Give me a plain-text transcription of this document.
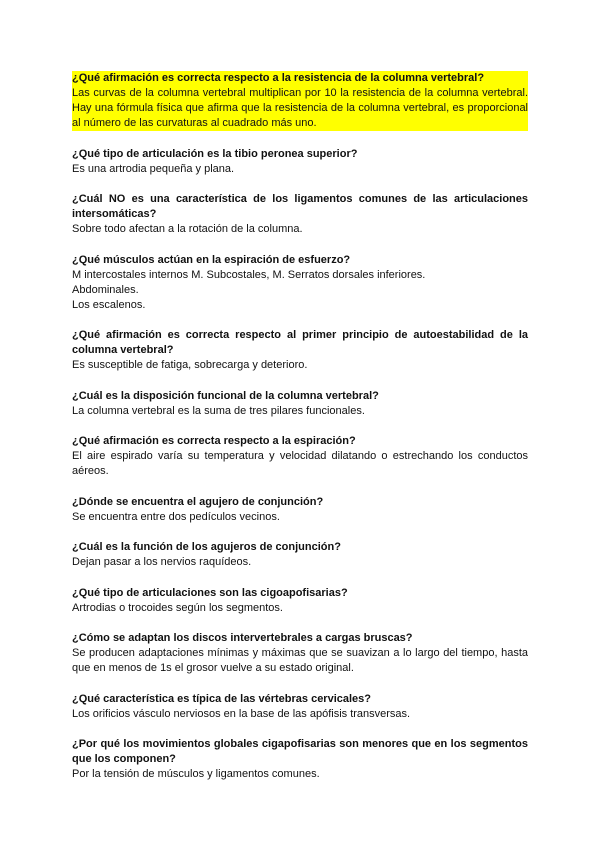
¿Qué afirmación es correcta respecto a la resistencia de la columna vertebral?

Las curvas de la columna vertebral multiplican por 10 la resistencia de la columna vertebral. Hay una fórmula física que afirma que la resistencia de la columna vertebral, es proporcional al número de las curvaturas al cuadrado más uno.

¿Qué tipo de articulación es la tibio peronea superior?

Es una artrodia pequeña y plana.

¿Cuál NO es una característica de los ligamentos comunes de las articulaciones intersomáticas?

Sobre todo afectan a la rotación de la columna.

¿Qué músculos actúan en la espiración de esfuerzo?

M intercostales internos M. Subcostales, M. Serratos dorsales inferiores.

Abdominales.

Los escalenos.

¿Qué afirmación es correcta respecto al primer principio de autoestabilidad de la columna vertebral?

Es susceptible de fatiga, sobrecarga y deterioro.

¿Cuál es la disposición funcional de la columna vertebral?

La columna vertebral es la suma de tres pilares funcionales.

¿Qué afirmación es correcta respecto a la espiración?

El aire espirado varía su temperatura y velocidad dilatando o estrechando los conductos aéreos.

¿Dónde se encuentra el agujero de conjunción?

Se encuentra entre dos pedículos vecinos.

¿Cuál es la función de los agujeros de conjunción?

Dejan pasar a los nervios raquídeos.

¿Qué tipo de articulaciones son las cigoapofisarias?

Artrodias o trocoides según los segmentos.

¿Cómo se adaptan los discos intervertebrales a cargas bruscas?

Se producen adaptaciones mínimas y máximas que se suavizan a lo largo del tiempo, hasta que en menos de 1s el grosor vuelve a su estado original.

¿Qué característica es típica de las vértebras cervicales?

Los orificios vásculo nerviosos en la base de las apófisis transversas.

¿Por qué los movimientos globales cigapofisarias son menores que en los segmentos que los componen?

Por la tensión de músculos y ligamentos comunes.
